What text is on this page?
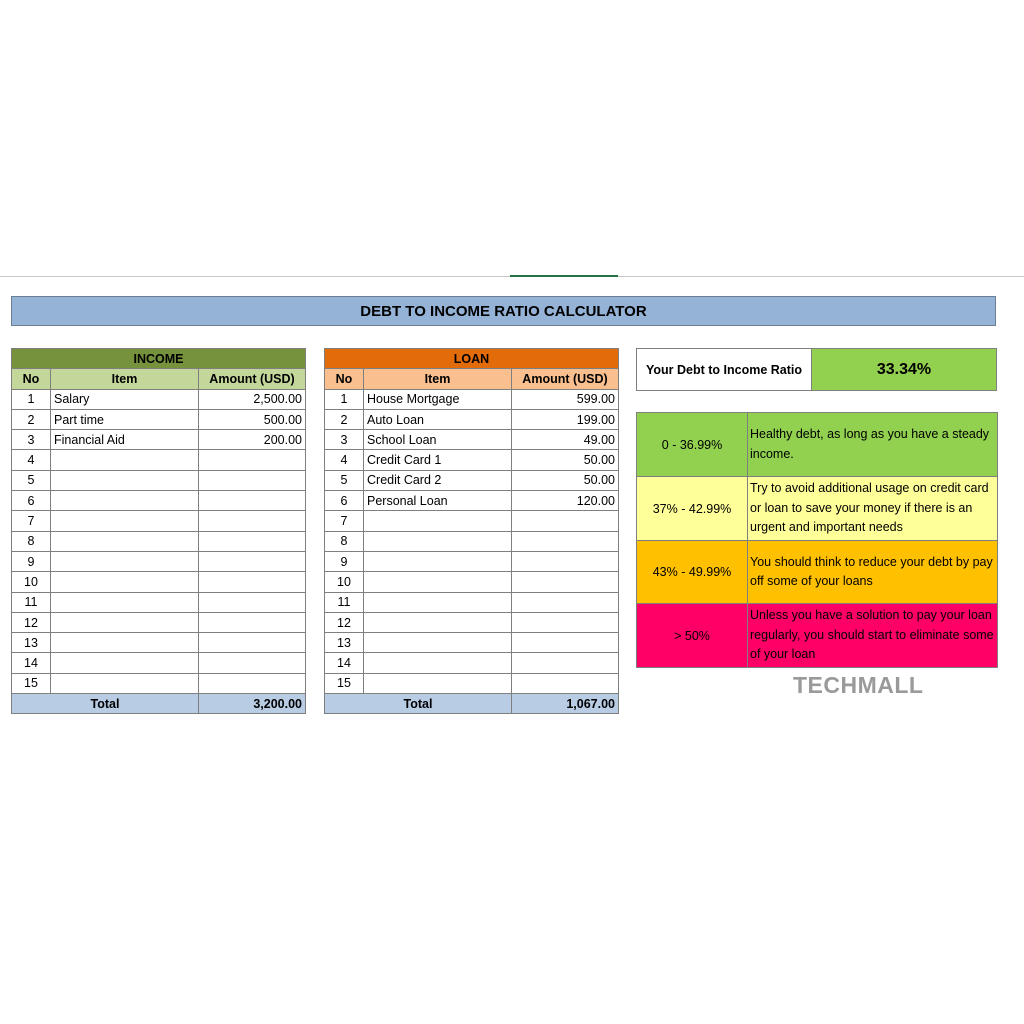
DEBT TO INCOME RATIO CALCULATOR
INCOME		
No	Item	Amount (USD)
1	Salary	2,500.00
2	Part time	500.00
3	Financial Aid	200.00
4		
5		
6		
7		
8		
9		
10		
11		
12		
13		
14		
15		
Total		3,200.00
LOAN		
No	Item	Amount (USD)
1	House Mortgage	599.00
2	Auto Loan	199.00
3	School Loan	49.00
4	Credit Card 1	50.00
5	Credit Card 2	50.00
6	Personal Loan	120.00
7		
8		
9		
10		
11		
12		
13		
14		
15		
Total		1,067.00
Your Debt to Income Ratio	33.34%
0 - 36.99%	Healthy debt, as long as you have a steady income.
37% - 42.99%	Try to avoid additional usage on credit card or loan to save your money if there is an urgent and important needs
43% - 49.99%	You should think to reduce your debt by pay off some of your loans
> 50%	Unless you have a solution to pay your loan regularly, you should start to eliminate some of your loan
TECHMALL
